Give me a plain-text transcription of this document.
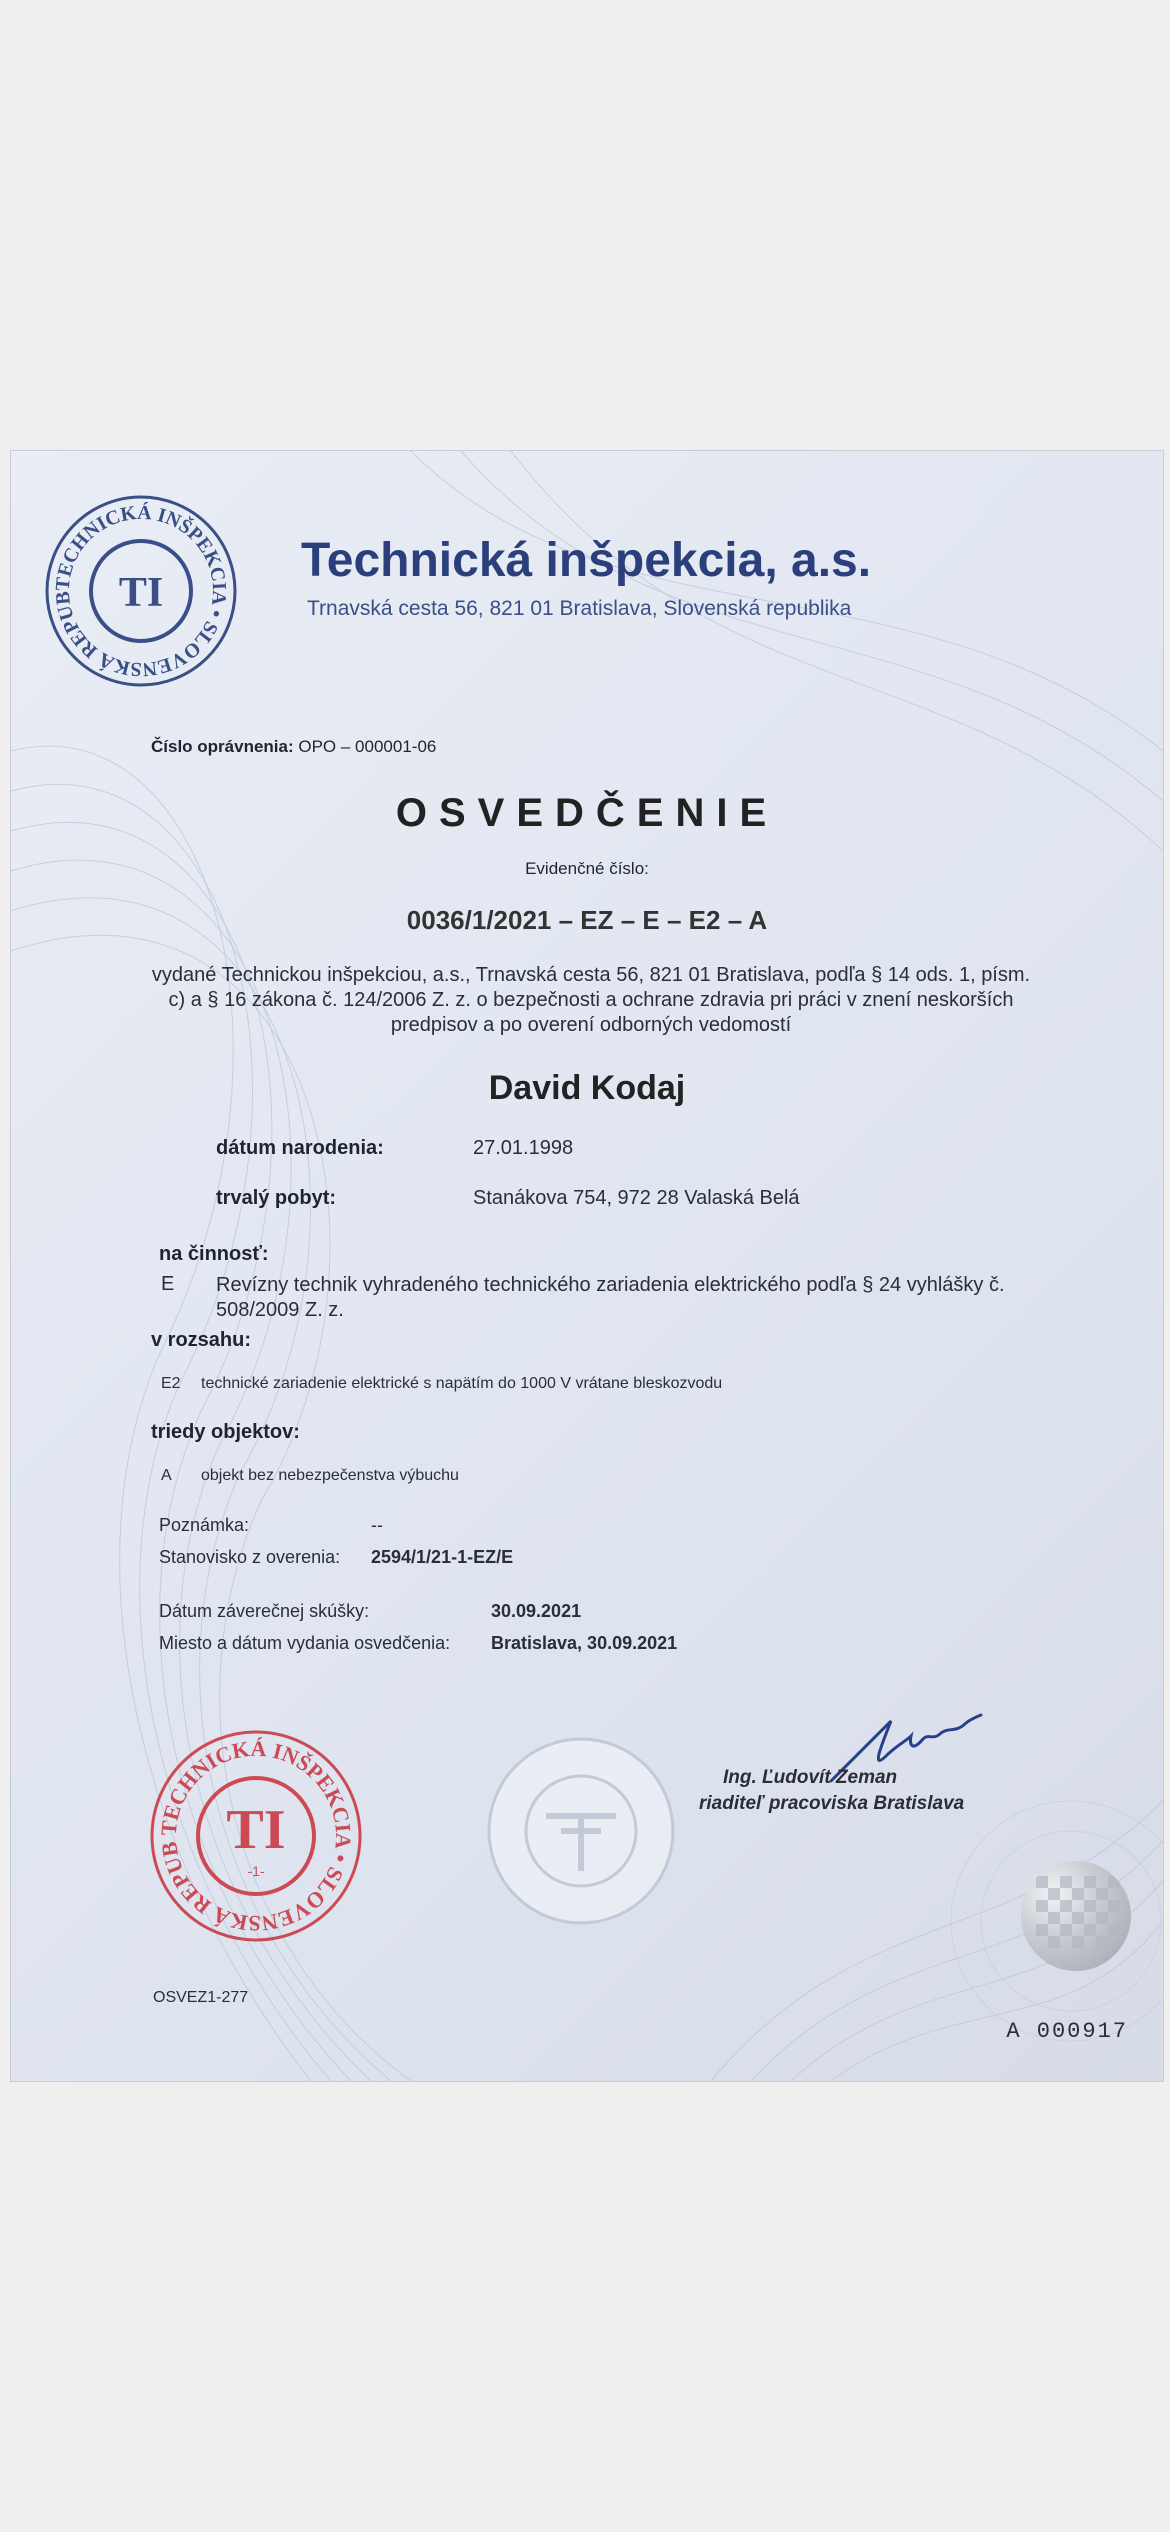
TECHNICKÁ INŠPEKCIA • SLOVENSKÁ REPUB	TI
Technická inšpekcia, a.s.
Trnavská cesta 56, 821 01 Bratislava, Slovenská republika
Číslo oprávnenia: OPO – 000001-06
OSVEDČENIE
Evidenčné číslo:
0036/1/2021 – EZ – E – E2 – A
vydané Technickou inšpekciou, a.s., Trnavská cesta 56, 821 01 Bratislava, podľa § 14 ods. 1, písm. c) a § 16 zákona č. 124/2006 Z. z. o bezpečnosti a ochrane zdravia pri práci v znení neskorších predpisov a po overení odborných vedomostí
David Kodaj
dátum narodenia:	27.01.1998
trvalý pobyt:	Stanákova 754, 972 28 Valaská Belá
na činnosť:
E Revízny technik vyhradeného technického zariadenia elektrického podľa § 24 vyhlášky č. 508/2009 Z. z.
v rozsahu:
E2 technické zariadenie elektrické s napätím do 1000 V vrátane bleskozvodu
triedy objektov:
A objekt bez nebezpečenstva výbuchu
Poznámka:	--
Stanovisko z overenia: 2594/1/21-1-EZ/E
Dátum záverečnej skúšky:	30.09.2021
Miesto a dátum vydania osvedčenia: Bratislava, 30.09.2021
TECHNICKÁ INŠPEKCIA • SLOVENSKÁ REPUB TI
-1-
Ing. Ľudovít Zeman
riaditeľ pracoviska Bratislava
OSVEZ1-277
A 000917
